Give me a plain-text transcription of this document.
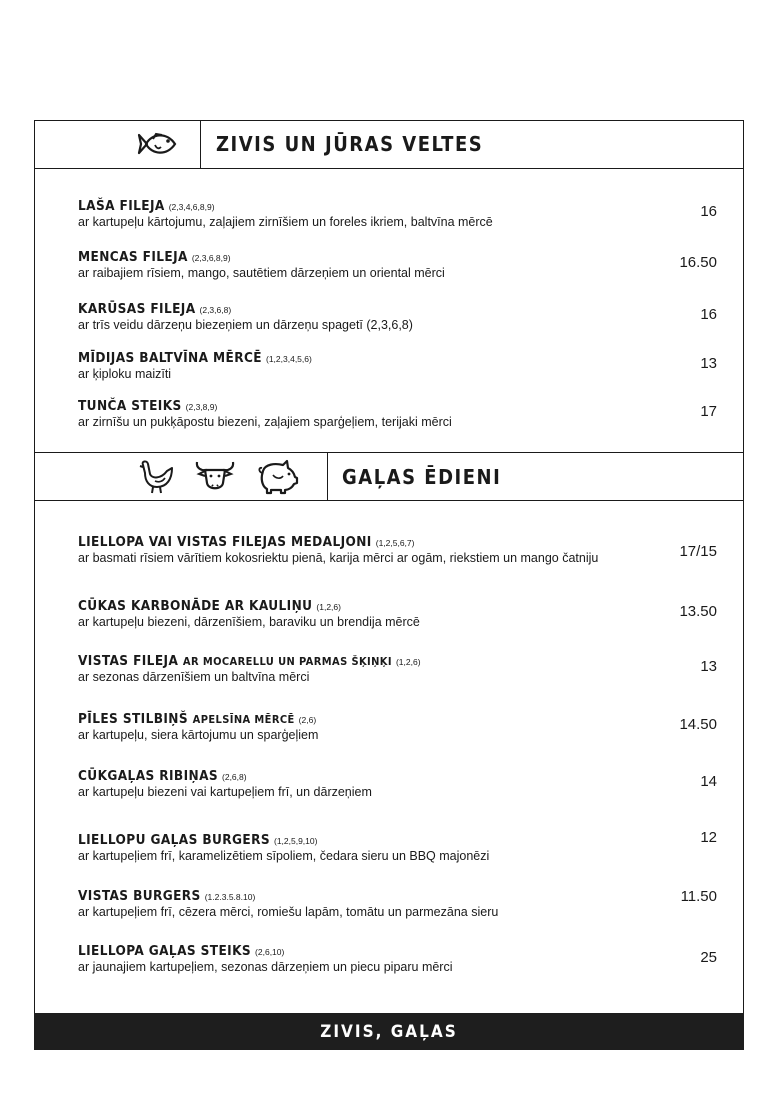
ZIVIS UN JŪRAS VELTES
LAŠA FILEJA (2,3,4,6,8,9)
ar kartupeļu kārtojumu, zaļajiem zirnīšiem un foreles ikriem, baltvīna mērcē
16
MENCAS FILEJA (2,3,6,8,9)
ar raibajiem rīsiem, mango, sautētiem dārzeņiem un oriental mērci
16.50
KARŪSAS FILEJA (2,3,6,8)
ar trīs veidu dārzeņu biezeņiem un dārzeņu spagetī (2,3,6,8)
16
MĪDIJAS BALTVĪNA MĒRCĒ (1,2,3,4,5,6)
ar ķiploku maizīti
13
TUNČA STEIKS (2,3,8,9)
ar zirnīšu un pukķāpostu biezeni, zaļajiem sparģeļiem, terijaki mērci
17
GAĻAS ĒDIENI
LIELLOPA VAI VISTAS FILEJAS MEDALJONI (1,2,5,6,7)
ar basmati rīsiem vārītiem kokosriektu pienā, karija mērci ar ogām, riekstiem un mango čatniju	17/15
CŪKAS KARBONĀDE AR KAULIŅU (1,2,6)
ar kartupeļu biezeni, dārzenīšiem, baraviku un brendija mērcē
13.50
VISTAS FILEJA AR MOCARELLU UN PARMAS ŠĶIŅĶI (1,2,6)
ar sezonas dārzenīšiem un baltvīna mērci
13
PĪLES STILBIŅŠ APELSĪNA MĒRCĒ (2,6)
ar kartupeļu, siera kārtojumu un sparģeļiem
14.50
CŪKGAĻAS RIBIŅAS (2,6,8)
ar kartupeļu biezeni vai kartupeļiem frī, un dārzeņiem
14
LIELLOPU GAĻAS BURGERS (1,2,5,9,10)
ar kartupeļiem frī, karamelizētiem sīpoliem, čedara sieru un BBQ majonēzi
12
VISTAS BURGERS (1.2.3.5.8.10)
ar kartupeļiem frī, cēzera mērci, romiešu lapām, tomātu un parmezāna sieru
11.50
LIELLOPA GAĻAS STEIKS (2,6,10)
ar jaunajiem kartupeļiem, sezonas dārzeņiem un piecu piparu mērci
25
ZIVIS, GAĻAS
